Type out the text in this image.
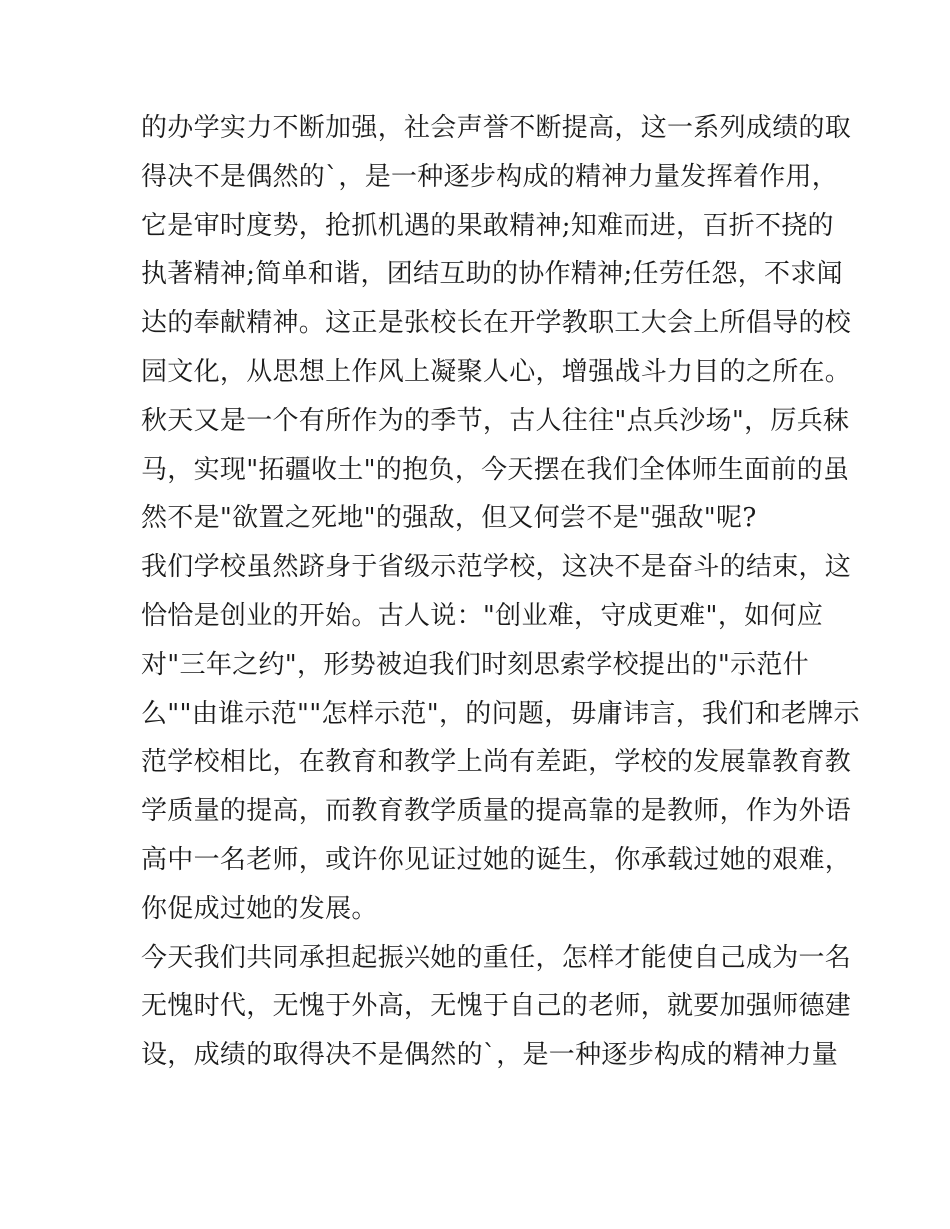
的办学实力不断加强，社会声誉不断提高，这一系列成绩的取
得决不是偶然的`，是一种逐步构成的精神力量发挥着作用，
它是审时度势，抢抓机遇的果敢精神;知难而进，百折不挠的
执著精神;简单和谐，团结互助的协作精神;任劳任怨，不求闻
达的奉献精神。这正是张校长在开学教职工大会上所倡导的校
园文化，从思想上作风上凝聚人心，增强战斗力目的之所在。
秋天又是一个有所作为的季节，古人往往"点兵沙场"，厉兵秣
马，实现"拓疆收土"的抱负，今天摆在我们全体师生面前的虽
然不是"欲置之死地"的强敌，但又何尝不是"强敌"呢?
我们学校虽然跻身于省级示范学校，这决不是奋斗的结束，这
恰恰是创业的开始。古人说："创业难，守成更难"，如何应
对"三年之约"，形势被迫我们时刻思索学校提出的"示范什
么""由谁示范""怎样示范"，的问题，毋庸讳言，我们和老牌示
范学校相比，在教育和教学上尚有差距，学校的发展靠教育教
学质量的提高，而教育教学质量的提高靠的是教师，作为外语
高中一名老师，或许你见证过她的诞生，你承载过她的艰难，
你促成过她的发展。
今天我们共同承担起振兴她的重任，怎样才能使自己成为一名
无愧时代，无愧于外高，无愧于自己的老师，就要加强师德建
设，成绩的取得决不是偶然的`，是一种逐步构成的精神力量
